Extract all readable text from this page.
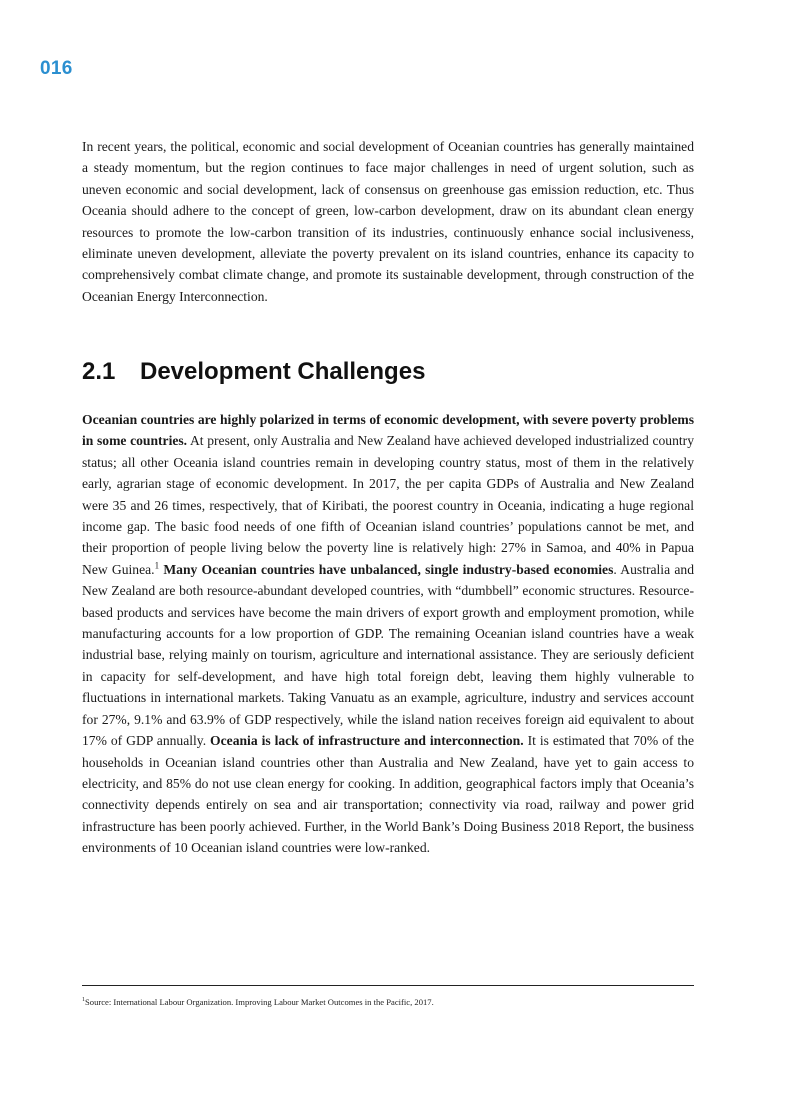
016

In recent years, the political, economic and social development of Oceanian countries has generally maintained a steady momentum, but the region continues to face major challenges in need of urgent solution, such as uneven economic and social development, lack of consensus on greenhouse gas emission reduction, etc. Thus Oceania should adhere to the concept of green, low-carbon development, draw on its abundant clean energy resources to promote the low-carbon transition of its industries, continuously enhance social inclusiveness, eliminate uneven development, alleviate the poverty prevalent on its island countries, enhance its capacity to comprehensively combat climate change, and promote its sustainable development, through construction of the Oceanian Energy Interconnection.

2.1 Development Challenges

Oceanian countries are highly polarized in terms of economic development, with severe poverty problems in some countries. At present, only Australia and New Zealand have achieved developed industrialized country status; all other Oceania island countries remain in developing country status, most of them in the relatively early, agrarian stage of economic development. In 2017, the per capita GDPs of Australia and New Zealand were 35 and 26 times, respectively, that of Kiribati, the poorest country in Oceania, indicating a huge regional income gap. The basic food needs of one fifth of Oceanian island countries’ populations cannot be met, and their proportion of people living below the poverty line is relatively high: 27% in Samoa, and 40% in Papua New Guinea.$^1$ Many Oceanian countries have unbalanced, single industry-based economies. Australia and New Zealand are both resource-abundant developed countries, with “dumbbell” economic structures. Resource-based products and services have become the main drivers of export growth and employment promotion, while manufacturing accounts for a low proportion of GDP. The remaining Oceanian island countries have a weak industrial base, relying mainly on tourism, agriculture and international assistance. They are seriously deficient in capacity for self-development, and have high total foreign debt, leaving them highly vulnerable to fluctuations in international markets. Taking Vanuatu as an example, agriculture, industry and services account for 27%, 9.1% and 63.9% of GDP respectively, while the island nation receives foreign aid equivalent to about 17% of GDP annually. Oceania is lack of infrastructure and interconnection. It is estimated that 70% of the households in Oceanian island countries other than Australia and New Zealand, have yet to gain access to electricity, and 85% do not use clean energy for cooking. In addition, geographical factors imply that Oceania’s connectivity depends entirely on sea and air transportation; connectivity via road, railway and power grid infrastructure has been poorly achieved. Further, in the World Bank’s Doing Business 2018 Report, the business environments of 10 Oceanian island countries were low-ranked.

$^1$Source: International Labour Organization. Improving Labour Market Outcomes in the Pacific, 2017.
